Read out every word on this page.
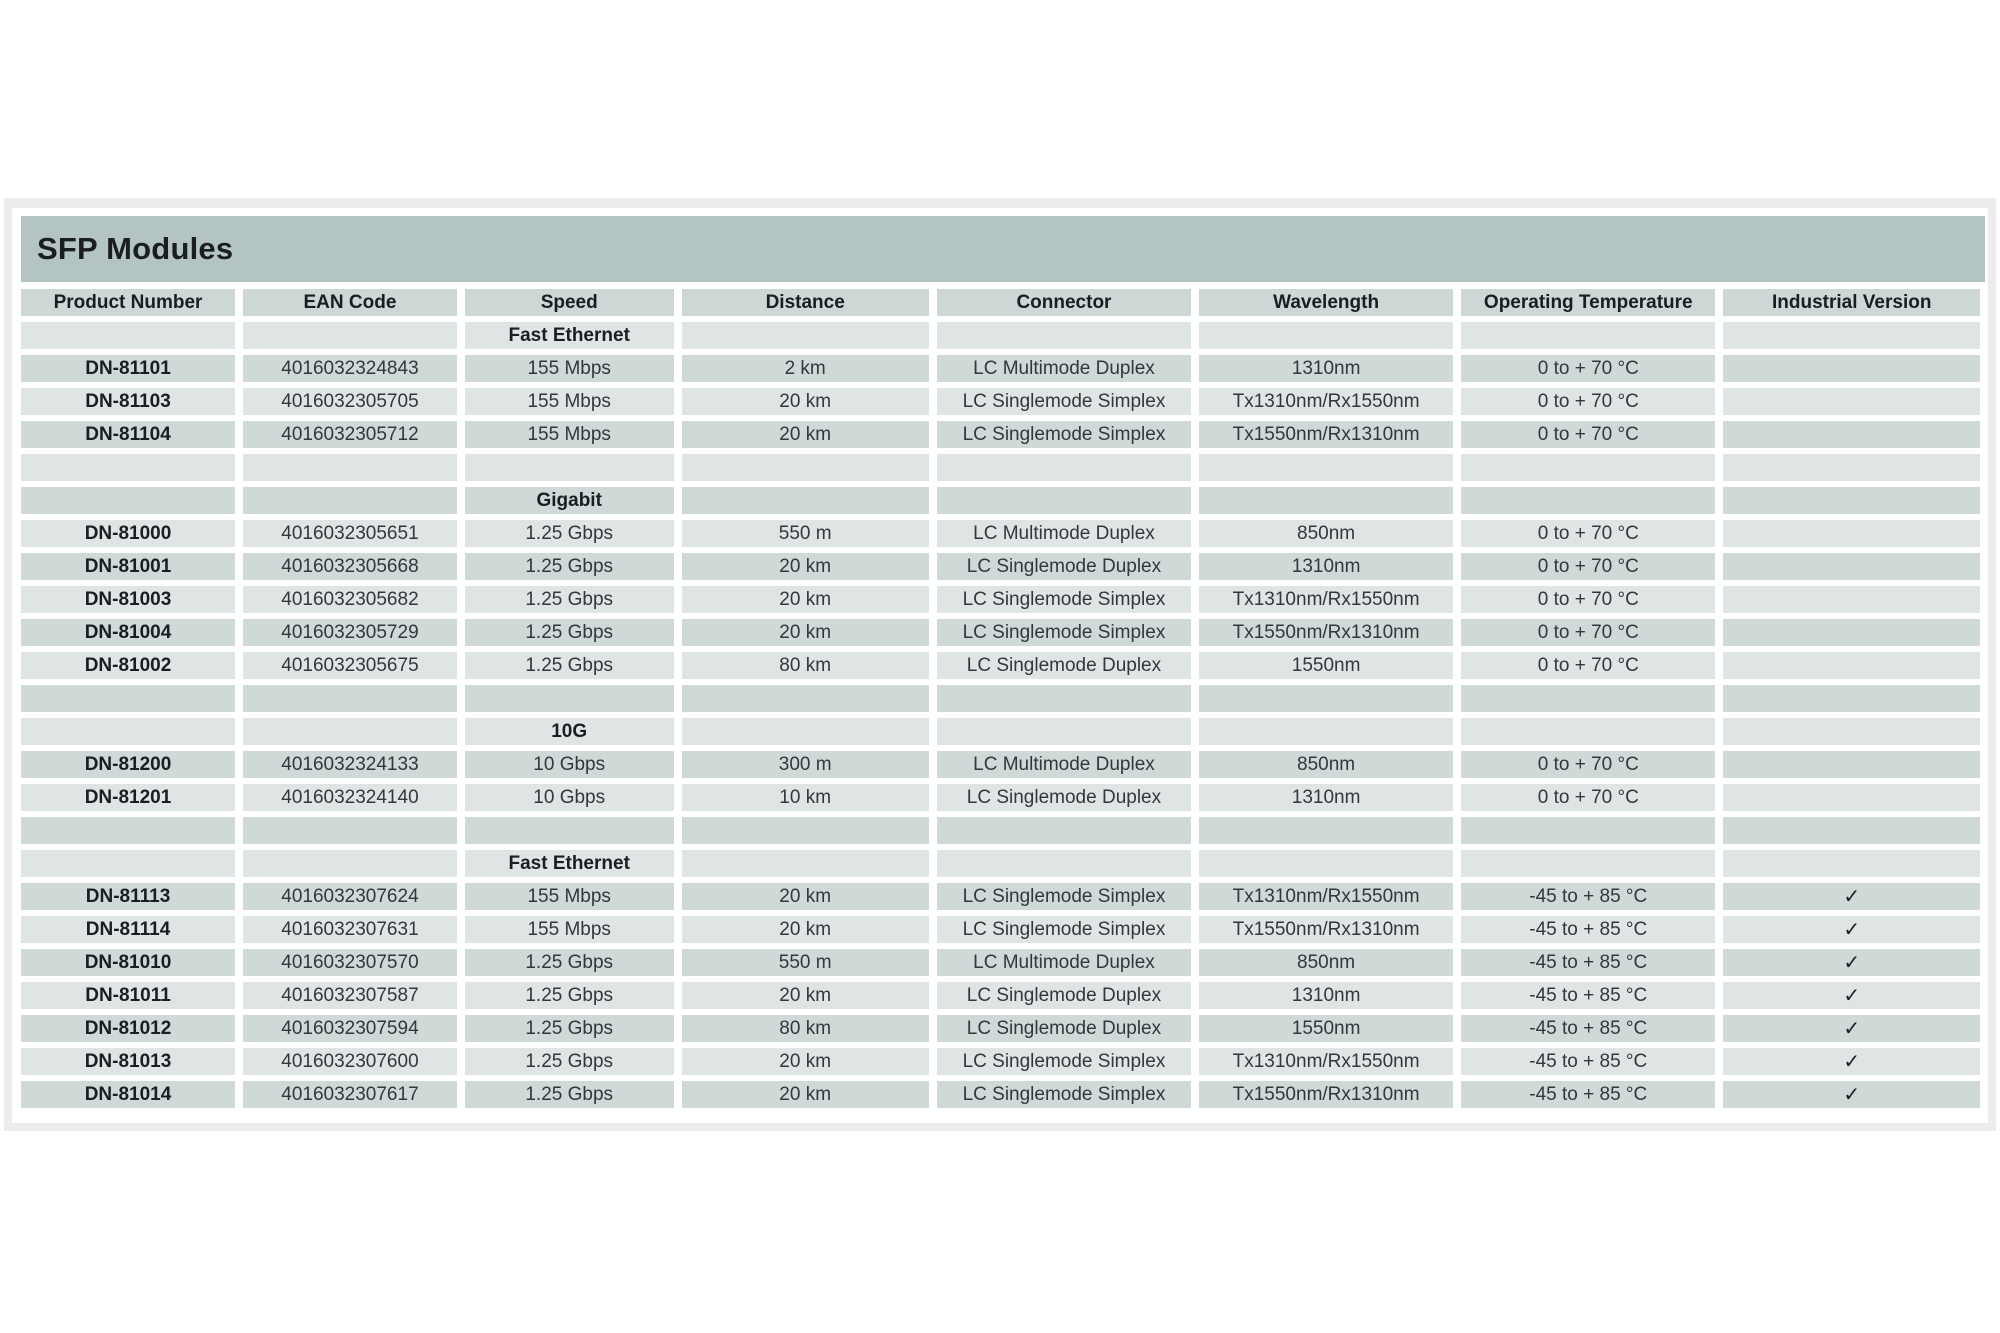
SFP Modules
Product Number	EAN Code	Speed	Distance	Connector	Wavelength	Operating Temperature	Industrial Version
		Fast Ethernet					
DN-81101	4016032324843	155 Mbps	2 km	LC Multimode Duplex	1310nm	0 to + 70 °C	
DN-81103	4016032305705	155 Mbps	20 km	LC Singlemode Simplex	Tx1310nm/Rx1550nm	0 to + 70 °C	
DN-81104	4016032305712	155 Mbps	20 km	LC Singlemode Simplex	Tx1550nm/Rx1310nm	0 to + 70 °C	

		Gigabit					
DN-81000	4016032305651	1.25 Gbps	550 m	LC Multimode Duplex	850nm	0 to + 70 °C	
DN-81001	4016032305668	1.25 Gbps	20 km	LC Singlemode Duplex	1310nm	0 to + 70 °C	
DN-81003	4016032305682	1.25 Gbps	20 km	LC Singlemode Simplex	Tx1310nm/Rx1550nm	0 to + 70 °C	
DN-81004	4016032305729	1.25 Gbps	20 km	LC Singlemode Simplex	Tx1550nm/Rx1310nm	0 to + 70 °C	
DN-81002	4016032305675	1.25 Gbps	80 km	LC Singlemode Duplex	1550nm	0 to + 70 °C	

		10G					
DN-81200	4016032324133	10 Gbps	300 m	LC Multimode Duplex	850nm	0 to + 70 °C	
DN-81201	4016032324140	10 Gbps	10 km	LC Singlemode Duplex	1310nm	0 to + 70 °C	

		Fast Ethernet					
DN-81113	4016032307624	155 Mbps	20 km	LC Singlemode Simplex	Tx1310nm/Rx1550nm	-45 to + 85 °C	✓
DN-81114	4016032307631	155 Mbps	20 km	LC Singlemode Simplex	Tx1550nm/Rx1310nm	-45 to + 85 °C	✓
DN-81010	4016032307570	1.25 Gbps	550 m	LC Multimode Duplex	850nm	-45 to + 85 °C	✓
DN-81011	4016032307587	1.25 Gbps	20 km	LC Singlemode Duplex	1310nm	-45 to + 85 °C	✓
DN-81012	4016032307594	1.25 Gbps	80 km	LC Singlemode Duplex	1550nm	-45 to + 85 °C	✓
DN-81013	4016032307600	1.25 Gbps	20 km	LC Singlemode Simplex	Tx1310nm/Rx1550nm	-45 to + 85 °C	✓
DN-81014	4016032307617	1.25 Gbps	20 km	LC Singlemode Simplex	Tx1550nm/Rx1310nm	-45 to + 85 °C	✓
